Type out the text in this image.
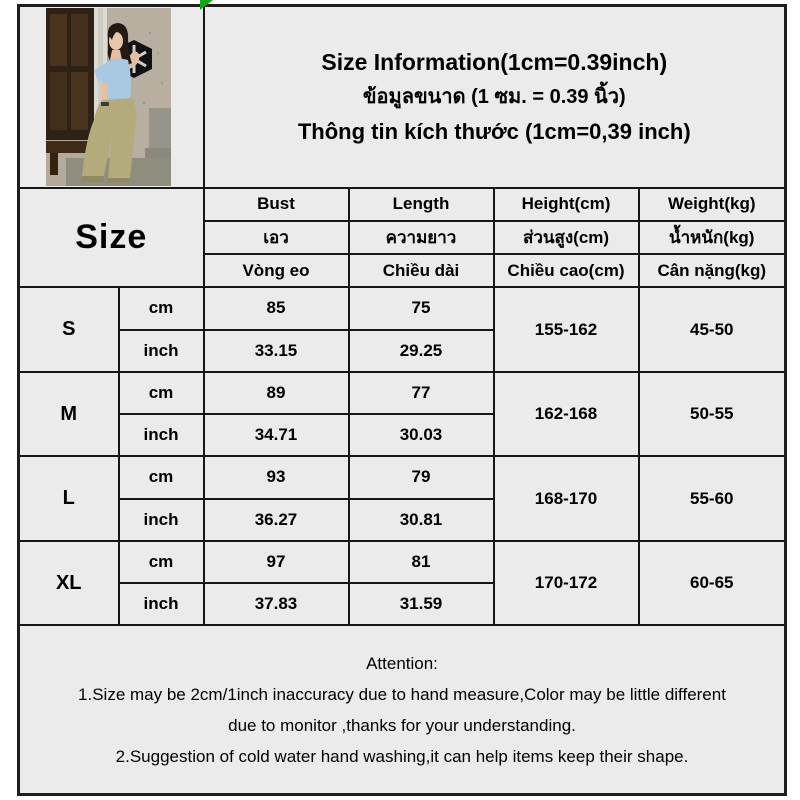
Size Information(1cm=0.39inch)
ข้อมูลขนาด (1 ซม. = 0.39 นิ้ว)
Thông tin kích thước (1cm=0,39 inch)			

Size		Bust	Length	Height(cm)	Weight(kg)
		เอว	ความยาว	ส่วนสูง(cm)	น้ำหนัก(kg)
		Vòng eo	Chiều dài	Chiều cao(cm)	Cân nặng(kg)
S	cm	85	75	155-162	45-50
	inch	33.15	29.25		
M	cm	89	77	162-168	50-55
	inch	34.71	30.03		
L	cm	93	79	168-170	55-60
	inch	36.27	30.81		
XL	cm	97	81	170-172	60-65
	inch	37.83	31.59		

Attention:
1.Size may be 2cm/1inch inaccuracy due to hand measure,Color may be little different
due to monitor ,thanks for your understanding.
2.Suggestion of cold water hand washing,it can help items keep their shape.					
